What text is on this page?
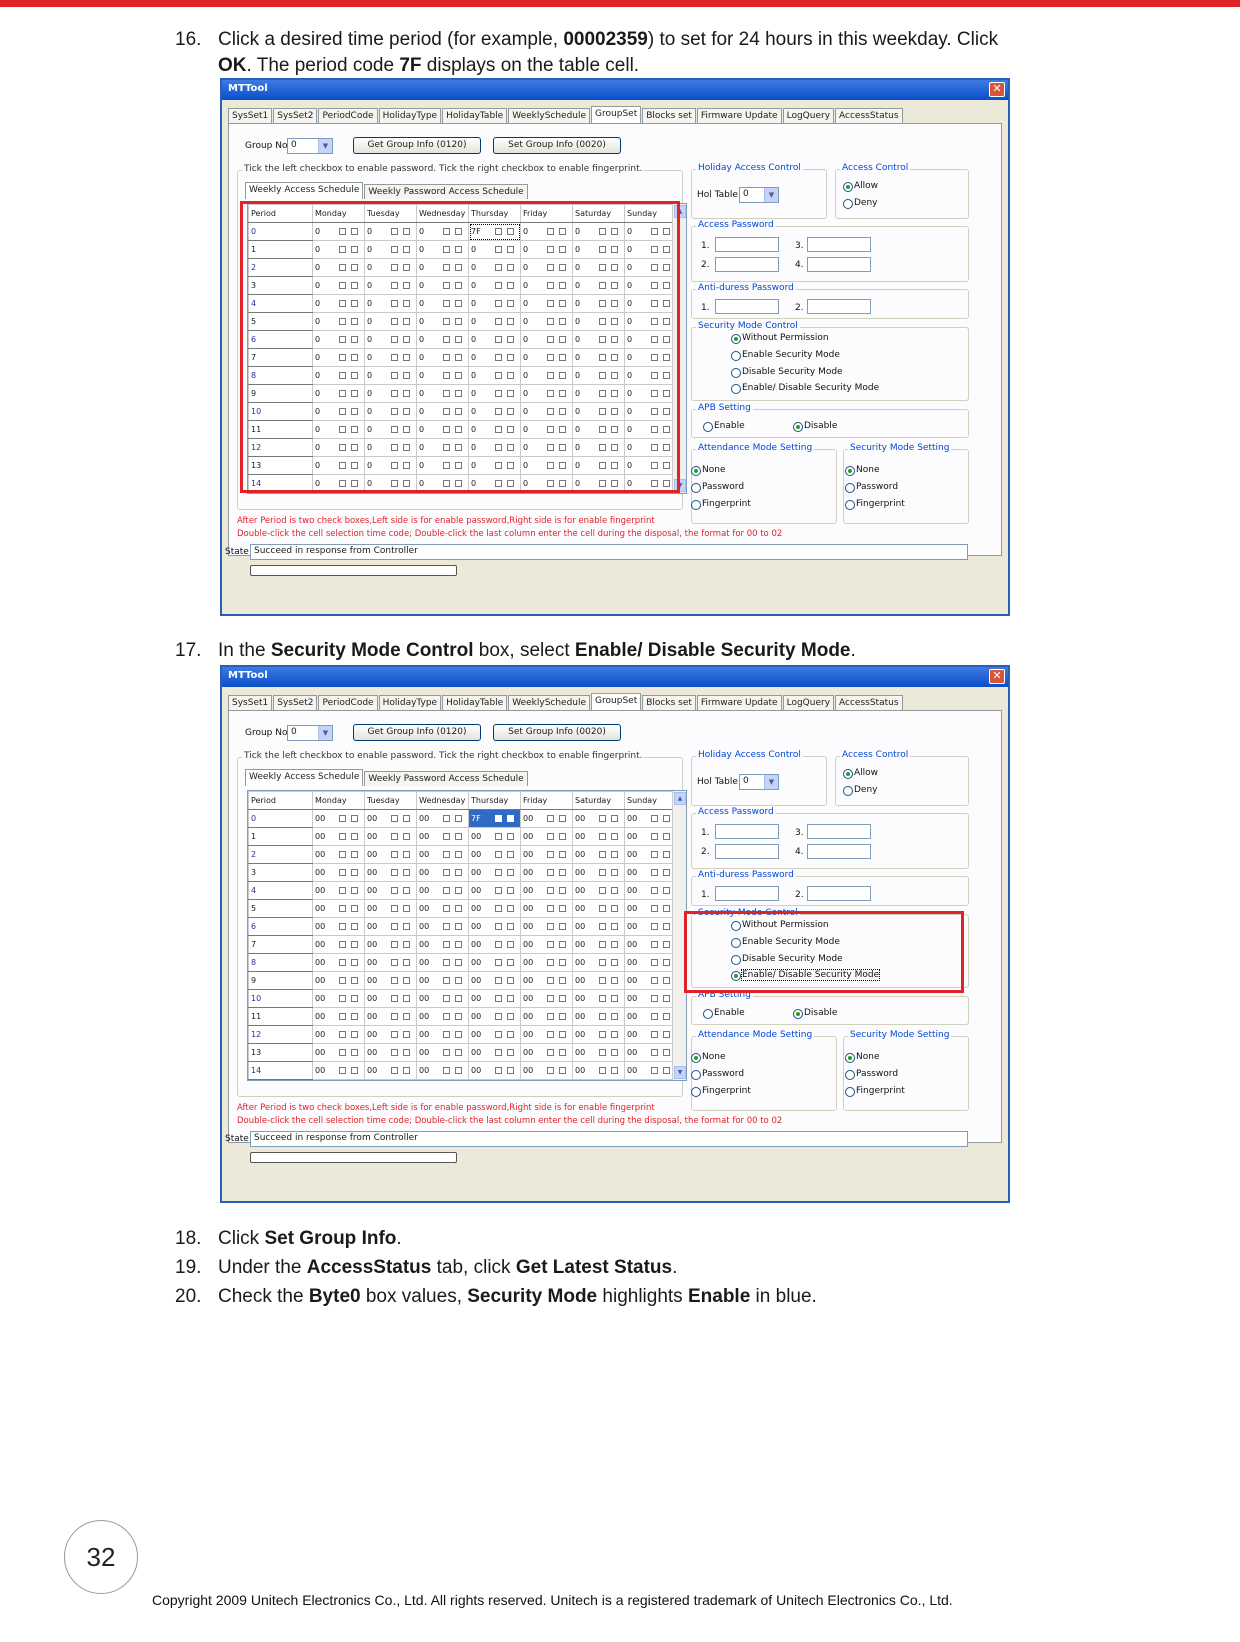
16. Click a desired time period (for example, 00002359) to set for 24 hours in this weekday. Click
OK. The period code 7F displays on the table cell.
MTTool	✕
SysSet1	SysSet2	PeriodCode	HolidayType	HolidayTable	WeeklySchedule	GroupSet	Blocks set	Firmware Update	LogQuery	AccessStatus
Group No 0	▼	Get Group Info (0120)	Set Group Info (0020)
Tick the left checkbox to enable password. Tick the right checkbox to enable fingerprint.
Weekly Access Schedule	Weekly Password Access Schedule
Period	Monday	Tuesday	Wednesday	Thursday	Friday	Saturday	Sunday
0	0	0	0	7F	0	0	0

1	0	0	0	0	0	0	0

2	0	0	0	0	0	0	0

3	0	0	0	0	0	0	0

4	0	0	0	0	0	0	0

5	0	0	0	0	0	0	0

6	0	0	0	0	0	0	0

7	0	0	0	0	0	0	0

8	0	0	0	0	0	0	0

9	0	0	0	0	0	0	0

10	0	0	0	0	0	0	0

11	0	0	0	0	0	0	0

12	0	0	0	0	0	0	0

13	0	0	0	0	0	0	0

14	0	0	0	0	0	0	0
▲
▼
Holiday Access Control
Hol Table 0	▼
Access Control
Allow
Deny
Access Password
1.	3.
2.	4.
Anti-duress Password
1.	2.
Security Mode Control
Without Permission
Enable Security Mode
Disable Security Mode
Enable/ Disable Security Mode
APB Setting
Enable	Disable
Attendance Mode Setting
None
Password
Fingerprint
Security Mode Setting
None
Password
Fingerprint
After Period is two check boxes,Left side is for enable password,Right side is for enable fingerprint
Double-click the cell selection time code; Double-click the last column enter the cell during the disposal, the format for 00 to 02
State Succeed in response from Controller
17. In the Security Mode Control box, select Enable/ Disable Security Mode.
MTTool	✕
SysSet1	SysSet2	PeriodCode	HolidayType	HolidayTable	WeeklySchedule	GroupSet	Blocks set	Firmware Update	LogQuery	AccessStatus
Group No 0	▼	Get Group Info (0120)	Set Group Info (0020)
Tick the left checkbox to enable password. Tick the right checkbox to enable fingerprint.
Weekly Access Schedule	Weekly Password Access Schedule
Period	Monday	Tuesday	Wednesday	Thursday	Friday	Saturday	Sunday
0	00	00	00	7F	00	00	00

1	00	00	00	00	00	00	00

2	00	00	00	00	00	00	00

3	00	00	00	00	00	00	00

4	00	00	00	00	00	00	00

5	00	00	00	00	00	00	00

6	00	00	00	00	00	00	00

7	00	00	00	00	00	00	00

8	00	00	00	00	00	00	00

9	00	00	00	00	00	00	00

10	00	00	00	00	00	00	00

11	00	00	00	00	00	00	00

12	00	00	00	00	00	00	00

13	00	00	00	00	00	00	00

14	00	00	00	00	00	00	00
▲
▼
Holiday Access Control
Hol Table 0	▼
Access Control
Allow
Deny
Access Password
1.	3.
2.	4.
Anti-duress Password
1.	2.
Security Mode Control
Without Permission
Enable Security Mode
Disable Security Mode
Enable/ Disable Security Mode
APB Setting
Enable	Disable
Attendance Mode Setting
None
Password
Fingerprint
Security Mode Setting
None
Password
Fingerprint
After Period is two check boxes,Left side is for enable password,Right side is for enable fingerprint
Double-click the cell selection time code; Double-click the last column enter the cell during the disposal, the format for 00 to 02
State Succeed in response from Controller
18. Click Set Group Info.
19. Under the AccessStatus tab, click Get Latest Status.
20. Check the Byte0 box values, Security Mode highlights Enable in blue.
32
Copyright 2009 Unitech Electronics Co., Ltd. All rights reserved. Unitech is a registered trademark of Unitech Electronics Co., Ltd.
